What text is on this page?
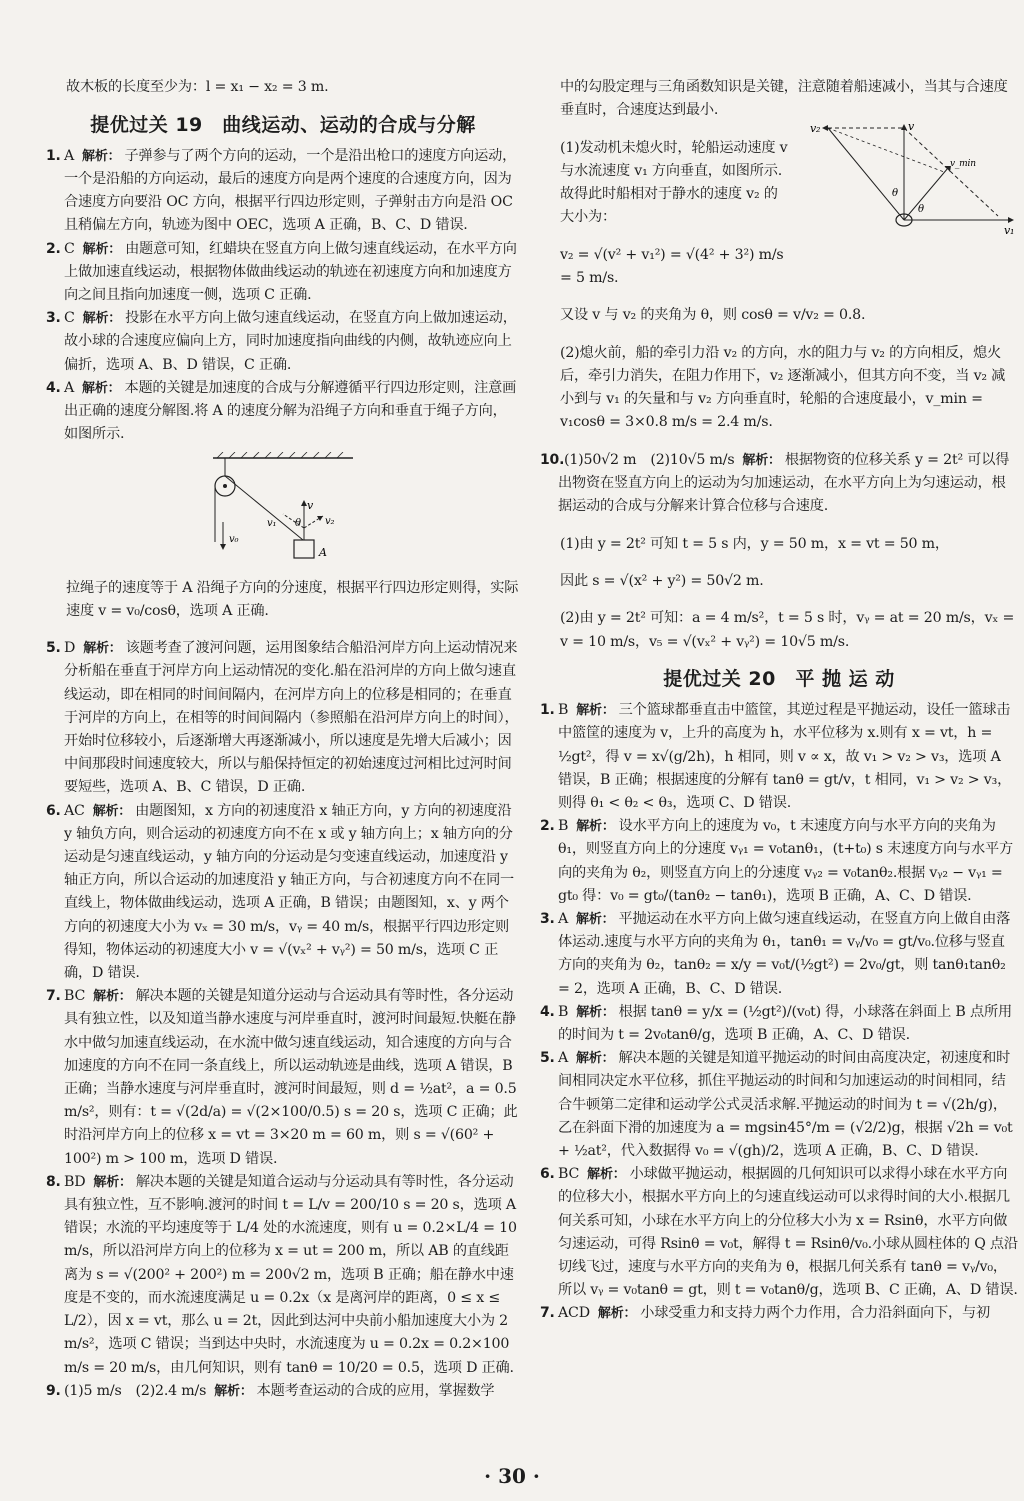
故木板的长度至少为：l = x₁ − x₂ = 3 m.

提优过关 19　曲线运动、运动的合成与分解
1. A 解析： 子弹参与了两个方向的运动，一个是沿出枪口的速度方向运动，一个是沿船的方向运动，最后的速度方向是两个速度的合速度方向，因为合速度方向要沿 OC 方向，根据平行四边形定则，子弹射击方向是沿 OC 且稍偏左方向，轨迹为图中 OEC，选项 A 正确，B、C、D 错误.
2. C 解析： 由题意可知，红蜡块在竖直方向上做匀速直线运动，在水平方向上做加速直线运动，根据物体做曲线运动的轨迹在初速度方向和加速度方向之间且指向加速度一侧，选项 C 正确.
3. C 解析： 投影在水平方向上做匀速直线运动，在竖直方向上做加速运动，故小球的合速度应偏向上方，同时加速度指向曲线的内侧，故轨迹应向上偏折，选项 A、B、D 错误，C 正确.
4. A 解析： 本题的关键是加速度的合成与分解遵循平行四边形定则，注意画出正确的速度分解图.将 A 的速度分解为沿绳子方向和垂直于绳子方向，如图所示.
v
v₁	v₂
θ
v₀
A

拉绳子的速度等于 A 沿绳子方向的分速度，根据平行四边形定则得，实际速度 v = v₀/cosθ，选项 A 正确.

5. D 解析： 该题考查了渡河问题，运用图象结合船沿河岸方向上运动情况来分析船在垂直于河岸方向上运动情况的变化.船在沿河岸的方向上做匀速直线运动，即在相同的时间间隔内，在河岸方向上的位移是相同的；在垂直于河岸的方向上，在相等的时间间隔内（参照船在沿河岸方向上的时间），开始时位移较小，后逐渐增大再逐渐减小，所以速度是先增大后减小；因中间那段时间速度较大，所以与船保持恒定的初始速度过河相比过河时间要短些，选项 A、B、C 错误，D 正确.
6. AC 解析： 由题图知，x 方向的初速度沿 x 轴正方向，y 方向的初速度沿 y 轴负方向，则合运动的初速度方向不在 x 或 y 轴方向上；x 轴方向的分运动是匀速直线运动，y 轴方向的分运动是匀变速直线运动，加速度沿 y 轴正方向，所以合运动的加速度沿 y 轴正方向，与合初速度方向不在同一直线上，物体做曲线运动，选项 A 正确，B 错误；由题图知，x、y 两个方向的初速度大小为 vₓ = 30 m/s，vᵧ = 40 m/s，根据平行四边形定则得知，物体运动的初速度大小 v = √(vₓ² + vᵧ²) = 50 m/s，选项 C 正确，D 错误.
7. BC 解析： 解决本题的关键是知道分运动与合运动具有等时性，各分运动具有独立性，以及知道当静水速度与河岸垂直时，渡河时间最短.快艇在静水中做匀加速直线运动，在水流中做匀速直线运动，知合速度的方向与合加速度的方向不在同一条直线上，所以运动轨迹是曲线，选项 A 错误，B 正确；当静水速度与河岸垂直时，渡河时间最短，则 d = ½at²，a = 0.5 m/s²，则有：t = √(2d/a) = √(2×100/0.5) s = 20 s，选项 C 正确；此时沿河岸方向上的位移 x = vt = 3×20 m = 60 m，则 s = √(60² + 100²) m > 100 m，选项 D 错误.
8. BD 解析： 解决本题的关键是知道合运动与分运动具有等时性，各分运动具有独立性，互不影响.渡河的时间 t = L/v = 200/10 s = 20 s，选项 A 错误；水流的平均速度等于 L/4 处的水流速度，则有 u = 0.2×L/4 = 10 m/s，所以沿河岸方向上的位移为 x = ut = 200 m，所以 AB 的直线距离为 s = √(200² + 200²) m = 200√2 m，选项 B 正确；船在静水中速度是不变的，而水流速度满足 u = 0.2x（x 是离河岸的距离，0 ≤ x ≤ L/2），因 x = vt，那么 u = 2t，因此到达河中央前小船加速度大小为 2 m/s²，选项 C 错误；当到达中央时，水流速度为 u = 0.2x = 0.2×100 m/s = 20 m/s，由几何知识，则有 tanθ = 10/20 = 0.5，选项 D 正确.
9. (1)5 m/s　(2)2.4 m/s 解析： 本题考查运动的合成的应用，掌握数学

中的勾股定理与三角函数知识是关键，注意随着船速减小，当其与合速度垂直时，合速度达到最小.

(1)发动机未熄火时，轮船运动速度 v 与水流速度 v₁ 方向垂直，如图所示.故得此时船相对于静水的速度 v₂ 的大小为：

v₂ = √(v² + v₁²) = √(4² + 3²) m/s = 5 m/s.

v₂	v
v_min
θ
θ
v₁

又设 v 与 v₂ 的夹角为 θ，则 cosθ = v/v₂ = 0.8.

(2)熄火前，船的牵引力沿 v₂ 的方向，水的阻力与 v₂ 的方向相反，熄火后，牵引力消失，在阻力作用下，v₂ 逐渐减小，但其方向不变，当 v₂ 减小到与 v₁ 的矢量和与 v₂ 方向垂直时，轮船的合速度最小，v_min = v₁cosθ = 3×0.8 m/s = 2.4 m/s.

10. (1)50√2 m　(2)10√5 m/s 解析： 根据物资的位移关系 y = 2t² 可以得出物资在竖直方向上的运动为匀加速运动，在水平方向上为匀速运动，根据运动的合成与分解来计算合位移与合速度.

(1)由 y = 2t² 可知 t = 5 s 内，y = 50 m，x = vt = 50 m，

因此 s = √(x² + y²) = 50√2 m.

(2)由 y = 2t² 可知：a = 4 m/s²，t = 5 s 时，vᵧ = at = 20 m/s，vₓ = v = 10 m/s，v₅ = √(vₓ² + vᵧ²) = 10√5 m/s.

提优过关 20　平 抛 运 动
1. B 解析： 三个篮球都垂直击中篮筐，其逆过程是平抛运动，设任一篮球击中篮筐的速度为 v，上升的高度为 h，水平位移为 x.则有 x = vt，h = ½gt²，得 v = x√(g/2h)，h 相同，则 v ∝ x，故 v₁ > v₂ > v₃，选项 A 错误，B 正确；根据速度的分解有 tanθ = gt/v，t 相同，v₁ > v₂ > v₃，则得 θ₁ < θ₂ < θ₃，选项 C、D 错误.
2. B 解析： 设水平方向上的速度为 v₀，t 末速度方向与水平方向的夹角为 θ₁，则竖直方向上的分速度 vᵧ₁ = v₀tanθ₁，(t+t₀) s 末速度方向与水平方向的夹角为 θ₂，则竖直方向上的分速度 vᵧ₂ = v₀tanθ₂.根据 vᵧ₂ − vᵧ₁ = gt₀ 得：v₀ = gt₀/(tanθ₂ − tanθ₁)，选项 B 正确，A、C、D 错误.
3. A 解析： 平抛运动在水平方向上做匀速直线运动，在竖直方向上做自由落体运动.速度与水平方向的夹角为 θ₁，tanθ₁ = vᵧ/v₀ = gt/v₀.位移与竖直方向的夹角为 θ₂，tanθ₂ = x/y = v₀t/(½gt²) = 2v₀/gt，则 tanθ₁tanθ₂ = 2，选项 A 正确，B、C、D 错误.
4. B 解析： 根据 tanθ = y/x = (½gt²)/(v₀t) 得，小球落在斜面上 B 点所用的时间为 t = 2v₀tanθ/g，选项 B 正确，A、C、D 错误.
5. A 解析： 解决本题的关键是知道平抛运动的时间由高度决定，初速度和时间相同决定水平位移，抓住平抛运动的时间和匀加速运动的时间相同，结合牛顿第二定律和运动学公式灵活求解.平抛运动的时间为 t = √(2h/g)，乙在斜面下滑的加速度为 a = mgsin45°/m = (√2/2)g，根据 √2h = v₀t + ½at²，代入数据得 v₀ = √(gh)/2，选项 A 正确，B、C、D 错误.
6. BC 解析： 小球做平抛运动，根据圆的几何知识可以求得小球在水平方向的位移大小，根据水平方向上的匀速直线运动可以求得时间的大小.根据几何关系可知，小球在水平方向上的分位移大小为 x = Rsinθ，水平方向做匀速运动，可得 Rsinθ = v₀t，解得 t = Rsinθ/v₀.小球从圆柱体的 Q 点沿切线飞过，速度与水平方向的夹角为 θ，根据几何关系有 tanθ = vᵧ/v₀，所以 vᵧ = v₀tanθ = gt，则 t = v₀tanθ/g，选项 B、C 正确，A、D 错误.
7. ACD 解析： 小球受重力和支持力两个力作用，合力沿斜面向下，与初
· 30 ·
